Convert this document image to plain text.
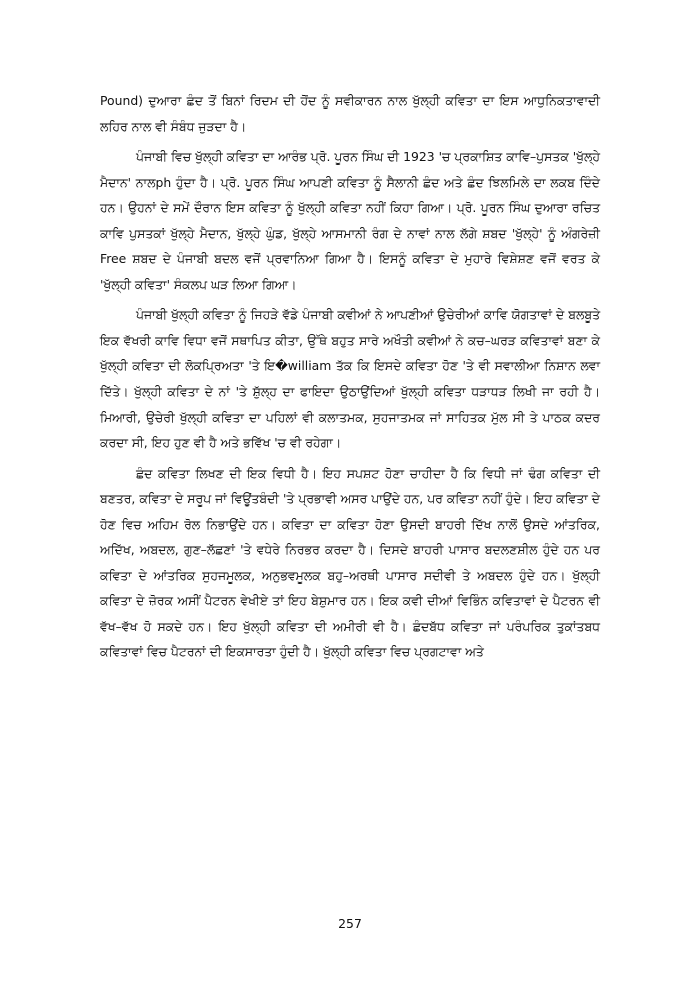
Pound) ਦੁਆਰਾ ਛੰਦ ਤੋਂ ਬਿਨਾਂ ਰਿਦਮ ਦੀ ਹੋਂਦ ਨੂੰ ਸਵੀਕਾਰਨ ਨਾਲ ਖੁੱਲ੍ਹੀ ਕਵਿਤਾ ਦਾ ਇਸ ਆਧੁਨਿਕਤਾਵਾਦੀ ਲਹਿਰ ਨਾਲ ਵੀ ਸੰਬੰਧ ਜੁੜਦਾ ਹੈ।

ਪੰਜਾਬੀ ਵਿਚ ਖੁੱਲ੍ਹੀ ਕਵਿਤਾ ਦਾ ਆਰੰਭ ਪ੍ਰੋ. ਪੂਰਨ ਸਿੰਘ ਦੀ 1923 'ਚ ਪ੍ਰਕਾਸ਼ਿਤ ਕਾਵਿ–ਪੁਸਤਕ 'ਖੁੱਲ੍ਹੇ ਮੈਦਾਨ' ਨਾਲph ਹੁੰਦਾ ਹੈ। ਪ੍ਰੋ. ਪੂਰਨ ਸਿੰਘ ਆਪਣੀ ਕਵਿਤਾ ਨੂੰ ਸੈਲਾਨੀ ਛੰਦ ਅਤੇ ਛੰਦ ਝਿਲਮਿਲੇ ਦਾ ਲਕਬ ਦਿੰਦੇ ਹਨ। ਉਹਨਾਂ ਦੇ ਸਮੇਂ ਦੌਰਾਨ ਇਸ ਕਵਿਤਾ ਨੂੰ ਖੁੱਲ੍ਹੀ ਕਵਿਤਾ ਨਹੀਂ ਕਿਹਾ ਗਿਆ। ਪ੍ਰੋ. ਪੂਰਨ ਸਿੰਘ ਦੁਆਰਾ ਰਚਿਤ ਕਾਵਿ ਪੁਸਤਕਾਂ ਖੁੱਲ੍ਹੇ ਮੈਦਾਨ, ਖੁੱਲ੍ਹੇ ਘੁੰਡ, ਖੁੱਲ੍ਹੇ ਆਸਮਾਨੀ ਰੰਗ ਦੇ ਨਾਵਾਂ ਨਾਲ ਲੱਗੇ ਸ਼ਬਦ 'ਖੁੱਲ੍ਹੇ' ਨੂੰ ਅੰਗਰੇਜ਼ੀ Free ਸ਼ਬਦ ਦੇ ਪੰਜਾਬੀ ਬਦਲ ਵਜੋਂ ਪ੍ਰਵਾਨਿਆ ਗਿਆ ਹੈ। ਇਸਨੂੰ ਕਵਿਤਾ ਦੇ ਮੁਹਾਰੇ ਵਿਸ਼ੇਸ਼ਣ ਵਜੋਂ ਵਰਤ ਕੇ 'ਖੁੱਲ੍ਹੀ ਕਵਿਤਾ' ਸੰਕਲਪ ਘੜ ਲਿਆ ਗਿਆ।

ਪੰਜਾਬੀ ਖੁੱਲ੍ਹੀ ਕਵਿਤਾ ਨੂੰ ਜਿਹੜੇ ਵੱਡੇ ਪੰਜਾਬੀ ਕਵੀਆਂ ਨੇ ਆਪਣੀਆਂ ਉਚੇਰੀਆਂ ਕਾਵਿ ਯੋਗਤਾਵਾਂ ਦੇ ਬਲਬੂਤੇ ਇਕ ਵੱਖਰੀ ਕਾਵਿ ਵਿਧਾ ਵਜੋਂ ਸਥਾਪਿਤ ਕੀਤਾ, ਉੱਥੇ ਬਹੁਤ ਸਾਰੇ ਅਖੌਤੀ ਕਵੀਆਂ ਨੇ ਕਚ–ਘਰੜ ਕਵਿਤਾਵਾਂ ਬਣਾ ਕੇ ਖੁੱਲ੍ਹੀ ਕਵਿਤਾ ਦੀ ਲੋਕਪ੍ਰਿਅਤਾ 'ਤੇ ਇ�william ਤੱਕ ਕਿ ਇਸਦੇ ਕਵਿਤਾ ਹੋਣ 'ਤੇ ਵੀ ਸਵਾਲੀਆ ਨਿਸ਼ਾਨ ਲਵਾ ਦਿੱਤੇ। ਖੁੱਲ੍ਹੀ ਕਵਿਤਾ ਦੇ ਨਾਂ 'ਤੇ ਸ਼ੁੱਲ੍ਹ ਦਾ ਫਾਇਦਾ ਉਠਾਉਂਦਿਆਂ ਖੁੱਲ੍ਹੀ ਕਵਿਤਾ ਧੜਾਧੜ ਲਿਖੀ ਜਾ ਰਹੀ ਹੈ। ਮਿਆਰੀ, ਉਚੇਰੀ ਖੁੱਲ੍ਹੀ ਕਵਿਤਾ ਦਾ ਪਹਿਲਾਂ ਵੀ ਕਲਾਤਮਕ, ਸੁਹਜਾਤਮਕ ਜਾਂ ਸਾਹਿਤਕ ਮੁੱਲ ਸੀ ਤੇ ਪਾਠਕ ਕਦਰ ਕਰਦਾ ਸੀ, ਇਹ ਹੁਣ ਵੀ ਹੈ ਅਤੇ ਭਵਿੱਖ 'ਚ ਵੀ ਰਹੇਗਾ।

ਛੰਦ ਕਵਿਤਾ ਲਿਖਣ ਦੀ ਇਕ ਵਿਧੀ ਹੈ। ਇਹ ਸਪਸ਼ਟ ਹੋਣਾ ਚਾਹੀਦਾ ਹੈ ਕਿ ਵਿਧੀ ਜਾਂ ਢੰਗ ਕਵਿਤਾ ਦੀ ਬਣਤਰ, ਕਵਿਤਾ ਦੇ ਸਰੂਪ ਜਾਂ ਵਿਊਂਤਬੰਦੀ 'ਤੇ ਪ੍ਰਭਾਵੀ ਅਸਰ ਪਾਉਂਦੇ ਹਨ, ਪਰ ਕਵਿਤਾ ਨਹੀਂ ਹੁੰਦੇ। ਇਹ ਕਵਿਤਾ ਦੇ ਹੋਣ ਵਿਚ ਅਹਿਮ ਰੋਲ ਨਿਭਾਉਂਦੇ ਹਨ। ਕਵਿਤਾ ਦਾ ਕਵਿਤਾ ਹੋਣਾ ਉਸਦੀ ਬਾਹਰੀ ਦਿੱਖ ਨਾਲੋਂ ਉਸਦੇ ਆਂਤਰਿਕ, ਅਦਿੱਖ, ਅਬਦਲ, ਗੁਣ–ਲੱਛਣਾਂ 'ਤੇ ਵਧੇਰੇ ਨਿਰਭਰ ਕਰਦਾ ਹੈ। ਦਿਸਦੇ ਬਾਹਰੀ ਪਾਸਾਰ ਬਦਲਣਸ਼ੀਲ ਹੁੰਦੇ ਹਨ ਪਰ ਕਵਿਤਾ ਦੇ ਆਂਤਰਿਕ ਸੁਹਜਮੂਲਕ, ਅਨੁਭਵਮੂਲਕ ਬਹੁ–ਅਰਥੀ ਪਾਸਾਰ ਸਦੀਵੀ ਤੇ ਅਬਦਲ ਹੁੰਦੇ ਹਨ। ਖੁੱਲ੍ਹੀ ਕਵਿਤਾ ਦੇ ਜ਼ੋਰਕ ਅਸੀਂ ਪੈਟਰਨ ਵੇਖੀਏ ਤਾਂ ਇਹ ਬੇਸ਼ੁਮਾਰ ਹਨ। ਇਕ ਕਵੀ ਦੀਆਂ ਵਿਭਿੰਨ ਕਵਿਤਾਵਾਂ ਦੇ ਪੈਟਰਨ ਵੀ ਵੱਖ–ਵੱਖ ਹੋ ਸਕਦੇ ਹਨ। ਇਹ ਖੁੱਲ੍ਹੀ ਕਵਿਤਾ ਦੀ ਅਮੀਰੀ ਵੀ ਹੈ। ਛੰਦਬੱਧ ਕਵਿਤਾ ਜਾਂ ਪਰੰਪਰਿਕ ਤੁਕਾਂਤਬਧ ਕਵਿਤਾਵਾਂ ਵਿਚ ਪੈਟਰਨਾਂ ਦੀ ਇਕਸਾਰਤਾ ਹੁੰਦੀ ਹੈ। ਖੁੱਲ੍ਹੀ ਕਵਿਤਾ ਵਿਚ ਪ੍ਰਗਟਾਵਾ ਅਤੇ

257
